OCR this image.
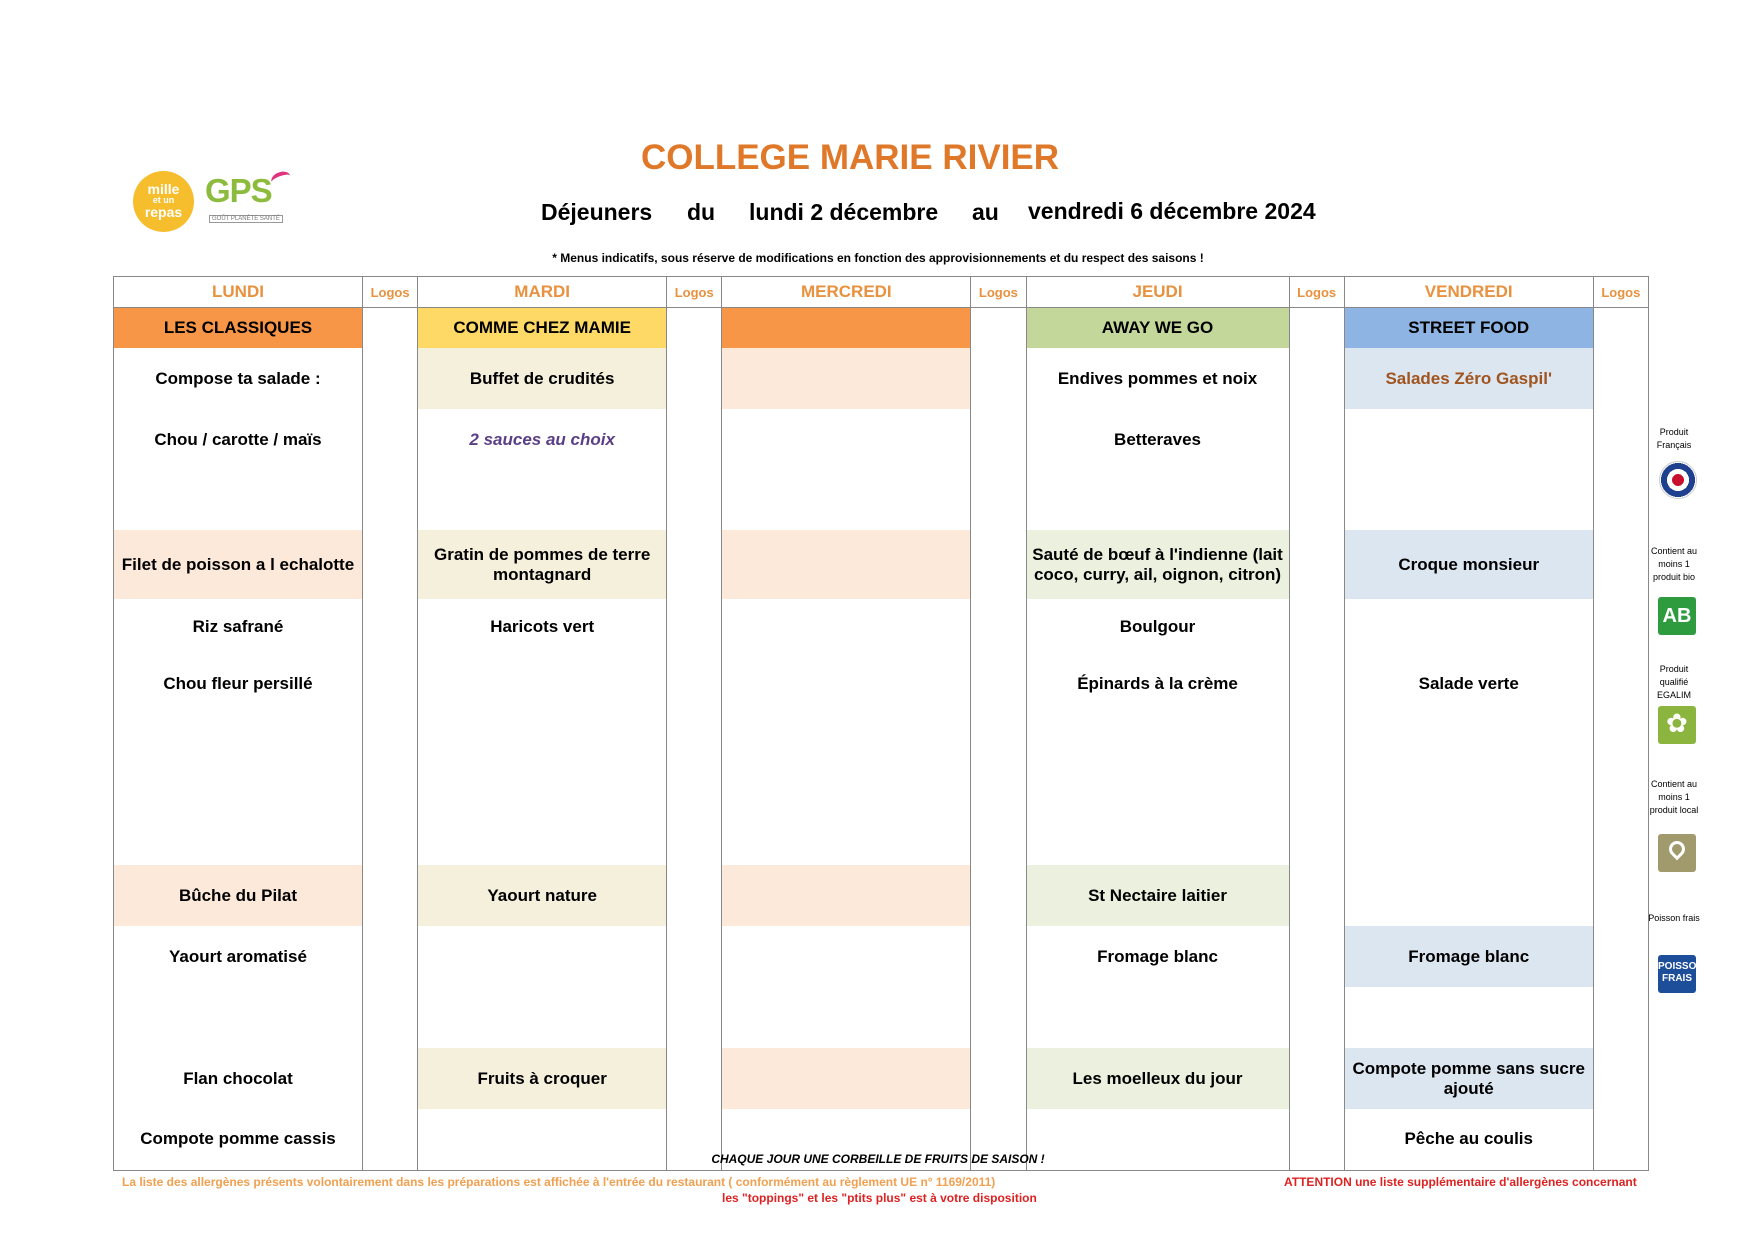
mille
et un
repas
GPS
GOÛT PLANÈTE SANTÉ
COLLEGE MARIE RIVIER
Déjeuners du lundi 2 décembre au vendredi 6 décembre 2024
* Menus indicatifs, sous réserve de modifications en fonction des approvisionnements et du respect des saisons !
LUNDI	Logos	MARDI	Logos	MERCREDI	Logos	JEUDI	Logos	VENDREDI	Logos
LES CLASSIQUES		COMME CHEZ MAMIE				AWAY WE GO		STREET FOOD	
Compose ta salade :		Buffet de crudités				Endives pommes et noix		Salades Zéro Gaspil'	
Chou / carotte / maïs		2 sauces au choix				Betteraves			

Filet de poisson a l echalotte		Gratin de pommes de terre montagnard				Sauté de bœuf à l'indienne (lait coco, curry, ail, oignon, citron)		Croque monsieur	
Riz safrané		Haricots vert				Boulgour			
Chou fleur persillé						Épinards à la crème		Salade verte	

Bûche du Pilat		Yaourt nature				St Nectaire laitier			
Yaourt aromatisé						Fromage blanc		Fromage blanc	

Flan chocolat		Fruits à croquer				Les moelleux du jour		Compote pomme sans sucre ajouté	
Compote pomme cassis								Pêche au coulis	
Produit Français
Contient au moins 1 produit bio
AB
Produit qualifié EGALIM
✿
Contient au moins 1 produit local
Poisson frais
POISSON FRAIS
CHAQUE JOUR UNE CORBEILLE DE FRUITS DE SAISON !
La liste des allergènes présents volontairement dans les préparations est affichée à l'entrée du restaurant ( conformément au règlement UE n° 1169/2011)	ATTENTION une liste supplémentaire d'allergènes concernant
les "toppings" et les "ptits plus" est à votre disposition
